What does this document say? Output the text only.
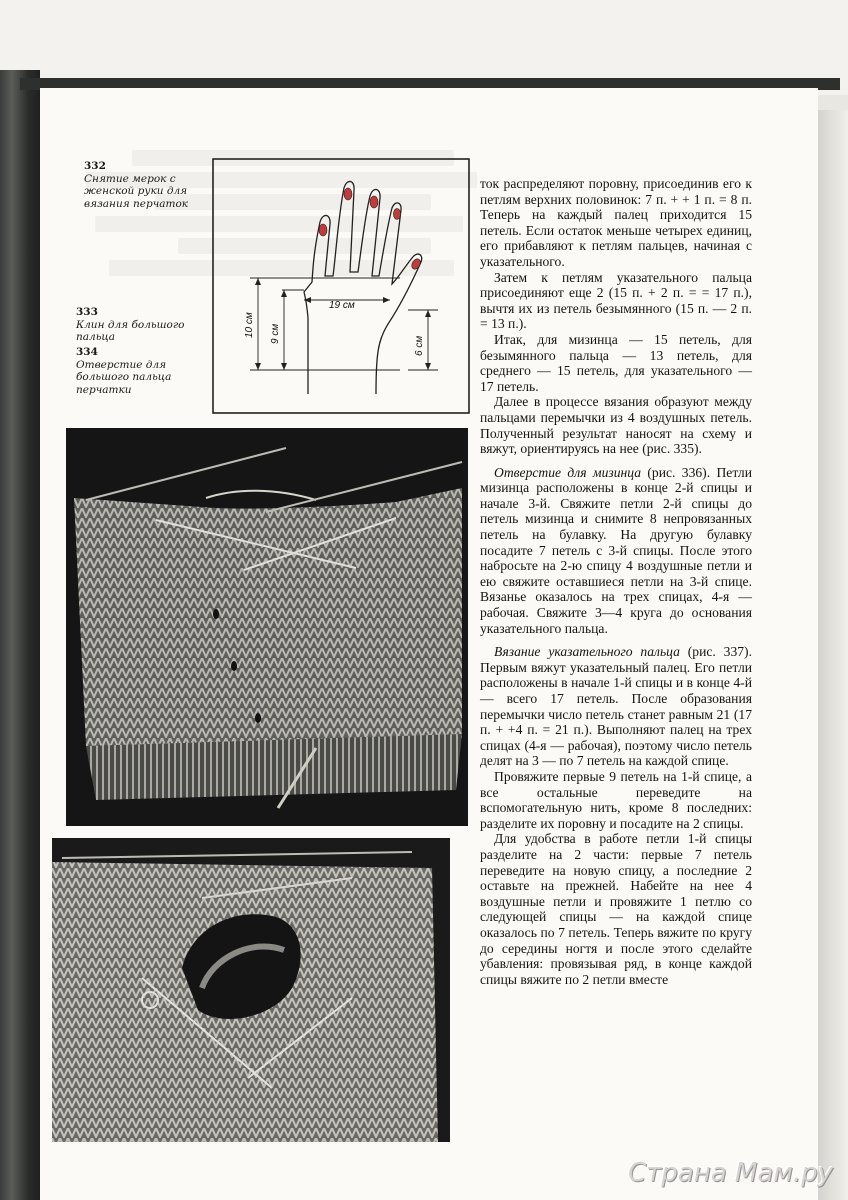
332
Снятие мерок с женской руки для вязания перчаток
333
Клин для большого пальца
334
Отверстие для большого пальца перчатки
19 см
10 см 9 см
6 см

ток распределяют поровну, присоединив его к петлям верхних половинок: 7 п. + + 1 п. = 8 п. Теперь на каждый палец приходится 15 петель. Если остаток меньше четырех единиц, его прибавляют к петлям пальцев, начиная с указательного.

Затем к петлям указательного пальца присоединяют еще 2 (15 п. + 2 п. = = 17 п.), вычтя их из петель безымянного (15 п. — 2 п. = 13 п.).

Итак, для мизинца — 15 петель, для безымянного пальца — 13 петель, для среднего — 15 петель, для указательного — 17 петель.

Далее в процессе вязания образуют между пальцами перемычки из 4 воздушных петель. Полученный результат наносят на схему и вяжут, ориентируясь на нее (рис. 335).

Отверстие для мизинца (рис. 336). Петли мизинца расположены в конце 2-й спицы и начале 3-й. Свяжите петли 2-й спицы до петель мизинца и снимите 8 непровязанных петель на булавку. На другую булавку посадите 7 петель с 3-й спицы. После этого набросьте на 2-ю спицу 4 воздушные петли и ею свяжите оставшиеся петли на 3-й спице. Вязанье оказалось на трех спицах, 4-я — рабочая. Свяжите 3—4 круга до основания указательного пальца.

Вязание указательного пальца (рис. 337). Первым вяжут указательный палец. Его петли расположены в начале 1-й спицы и в конце 4-й — всего 17 петель. После образования перемычки число петель станет равным 21 (17 п. + +4 п. = 21 п.). Выполняют палец на трех спицах (4-я — рабочая), поэтому число петель делят на 3 — по 7 петель на каждой спице.

Провяжите первые 9 петель на 1-й спице, а все остальные переведите на вспомогательную нить, кроме 8 последних: разделите их поровну и посадите на 2 спицы.

Для удобства в работе петли 1-й спицы разделите на 2 части: первые 7 петель переведите на новую спицу, а последние 2 оставьте на прежней. Набейте на нее 4 воздушные петли и провяжите 1 петлю со следующей спицы — на каждой спице оказалось по 7 петель. Теперь вяжите по кругу до середины ногтя и после этого сделайте убавления: провязывая ряд, в конце каждой спицы вяжите по 2 петли вместе

Страна Мам.ру
